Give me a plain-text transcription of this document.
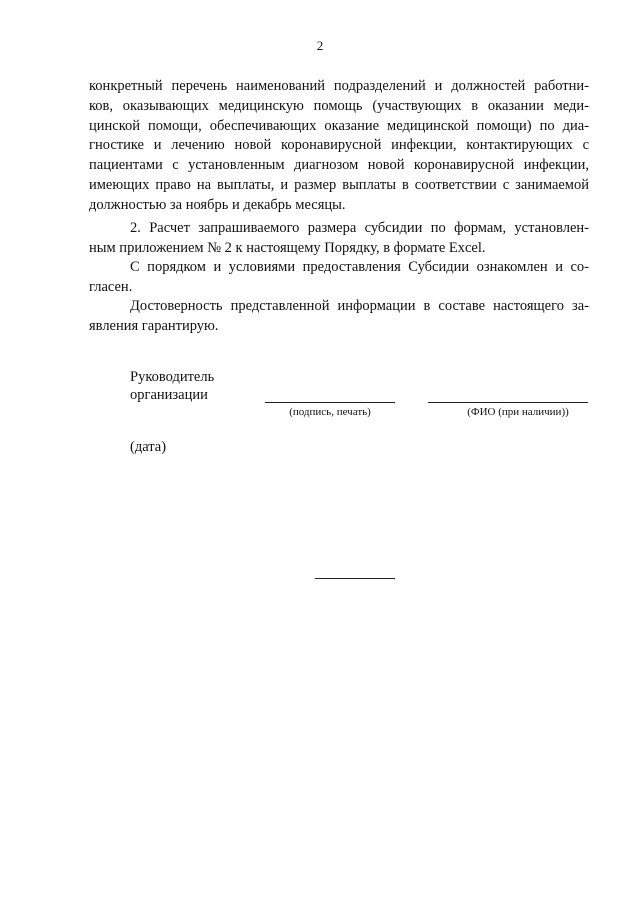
2
конкретный перечень наименований подразделений и должностей работни-
ков, оказывающих медицинскую помощь (участвующих в оказании меди-
цинской помощи, обеспечивающих оказание медицинской помощи) по диа-
гностике и лечению новой коронавирусной инфекции, контактирующих с
пациентами с установленным диагнозом новой коронавирусной инфекции,
имеющих право на выплаты, и размер выплаты в соответствии с занимаемой
должностью за ноябрь и декабрь месяцы.
2. Расчет запрашиваемого размера субсидии по формам, установлен-
ным приложением № 2 к настоящему Порядку, в формате Excel.
С порядком и условиями предоставления Субсидии ознакомлен и со-
гласен.
Достоверность представленной информации в составе настоящего за-
явления гарантирую.
Руководитель
организации
(подпись, печать)	(ФИО (при наличии))
(дата)
